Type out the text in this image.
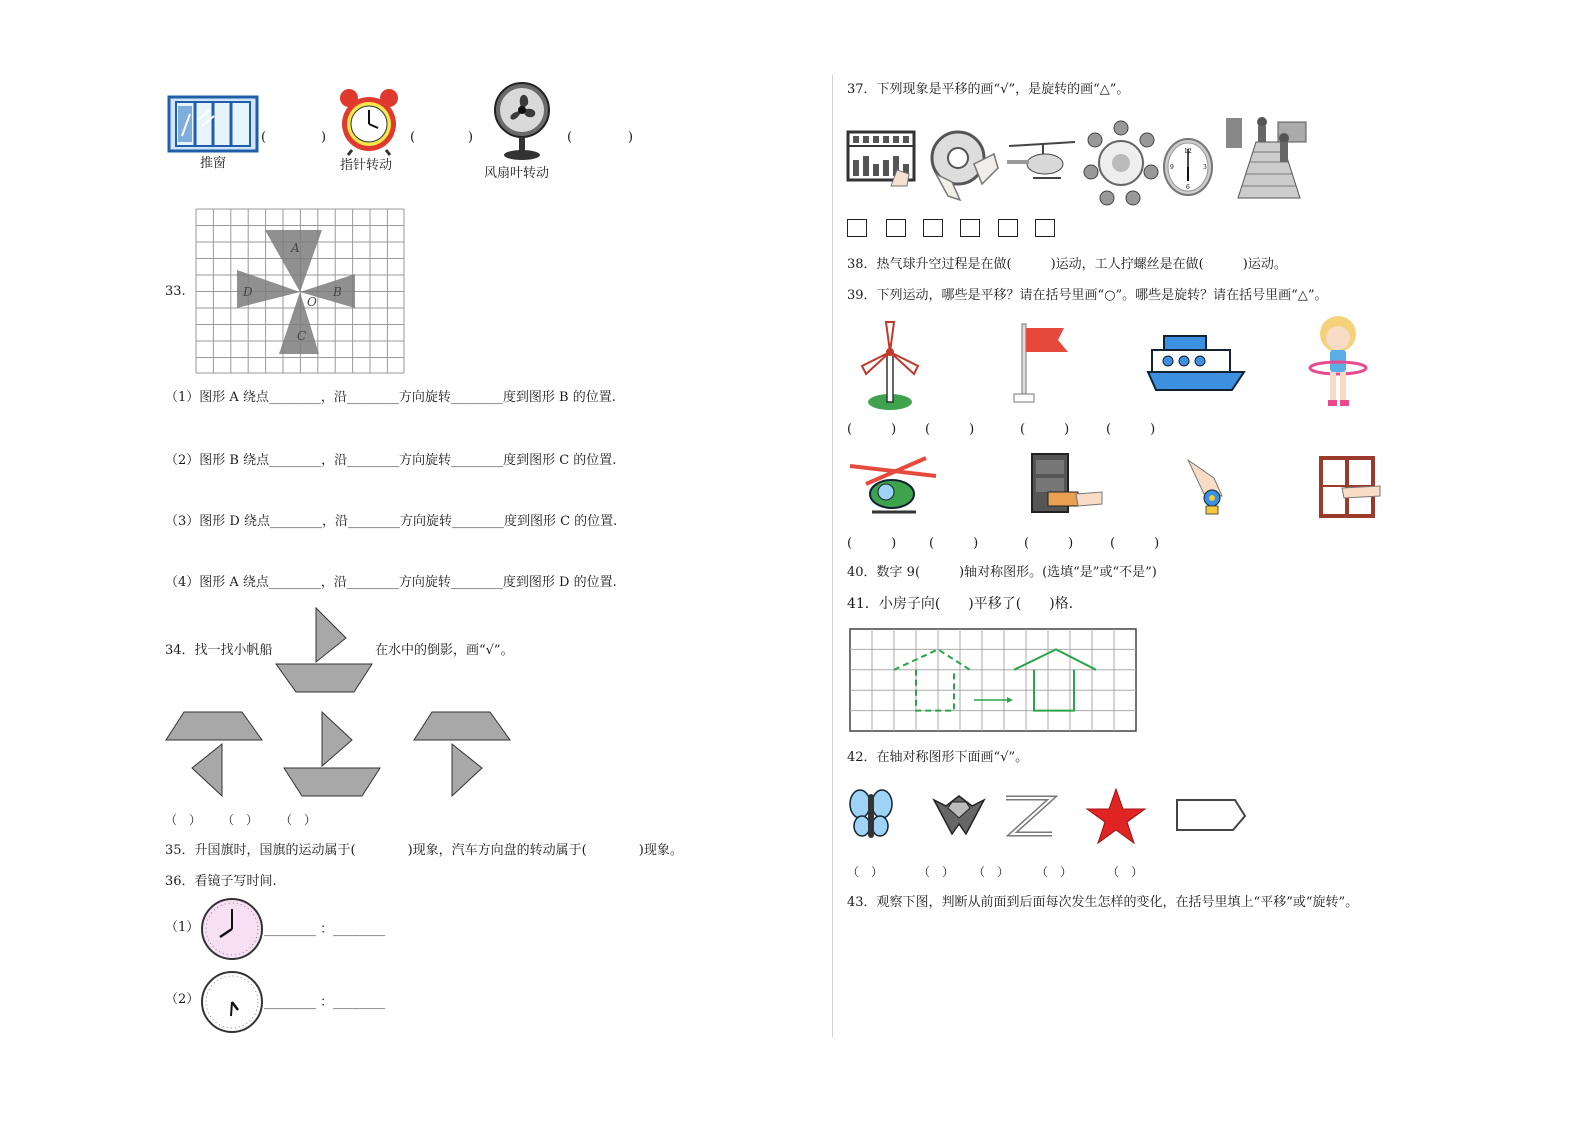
推窗
(	)
指针转动
(	)
风扇叶转动
(	)
33.
A
B
C
D
O
（1）图形 A 绕点________，沿________方向旋转________度到图形 B 的位置.
（2）图形 B 绕点________，沿________方向旋转________度到图形 C 的位置.
（3）图形 D 绕点________，沿________方向旋转________度到图形 C 的位置.
（4）图形 A 绕点________，沿________方向旋转________度到图形 D 的位置.
34．找一找小帆船	在水中的倒影，画“√”。
（　） （　） （　）
35．升国旗时，国旗的运动属于(　　　　)现象，汽车方向盘的转动属于(　　　　)现象。
36．看镜子写时间.
（1）	________ ：________
（2）	________ ：________
37．下列现象是平移的画“√”，是旋转的画“△”。
12
3
6
9
38．热气球升空过程是在做(　　　)运动，工人拧螺丝是在做(　　　)运动。
39．下列运动，哪些是平移？请在括号里画“○”。哪些是旋转？请在括号里画“△”。
(　　　) (　　　)	(　　　)	(　　　)
(　　　)	(　　　)	(　　　)	(　　　)
40．数字 9(　　　)轴对称图形。(选填“是”或“不是”)
41．小房子向(　　)平移了(　　)格.
42．在轴对称图形下面画“√”。
（　）	（　） （　） （　）	（　）
43．观察下图，判断从前面到后面每次发生怎样的变化，在括号里填上“平移”或“旋转”。
